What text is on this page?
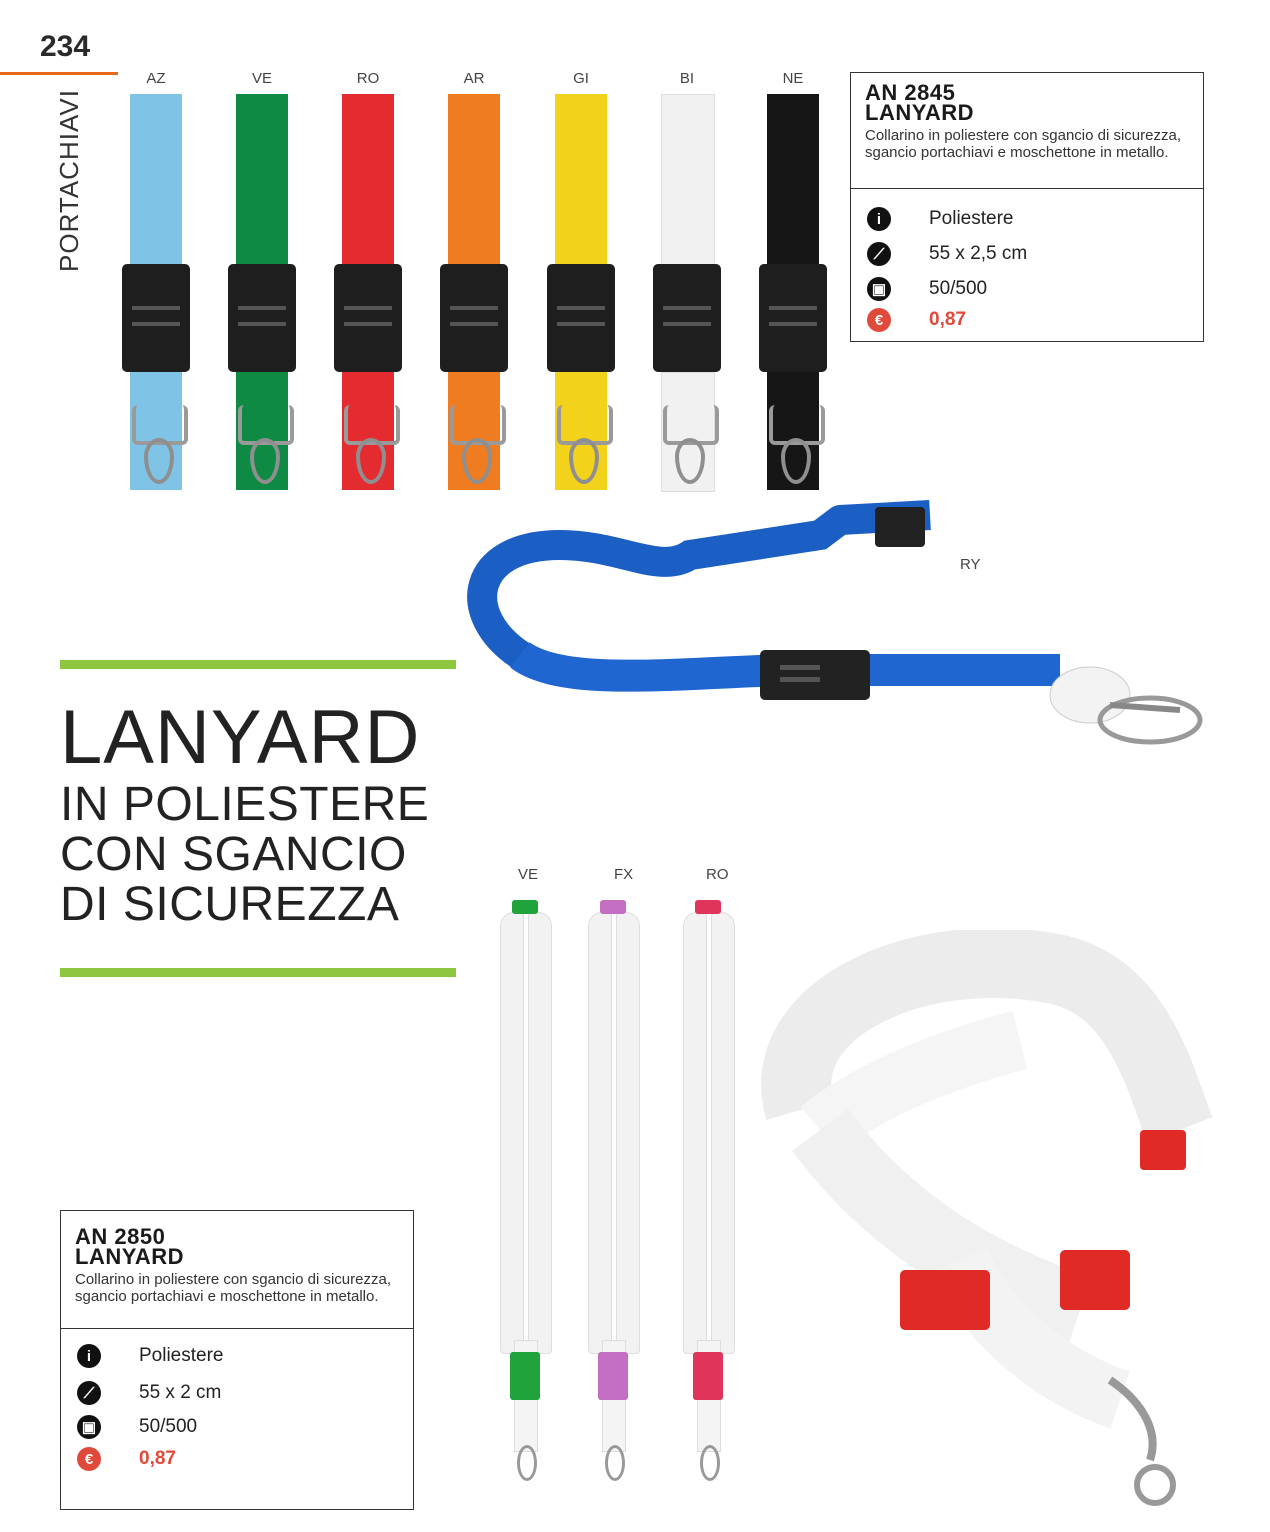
234
PORTACHIAVI
AZ	VE	RO	AR	GI	BI	NE
AN 2845
LANYARD
Collarino in poliestere con sgancio di sicurezza,
sgancio portachiavi e moschettone in metallo.
i	Poliestere
⟋	55 x 2,5 cm
▣ 50/500
€	0,87
RY
LANYARD
IN POLIESTERE
CON SGANCIO
DI SICUREZZA
VE	FX	RO
AN 2850
LANYARD
Collarino in poliestere con sgancio di sicurezza,
sgancio portachiavi e moschettone in metallo.
i	Poliestere
⟋	55 x 2 cm
▣ 50/500
€	0,87
